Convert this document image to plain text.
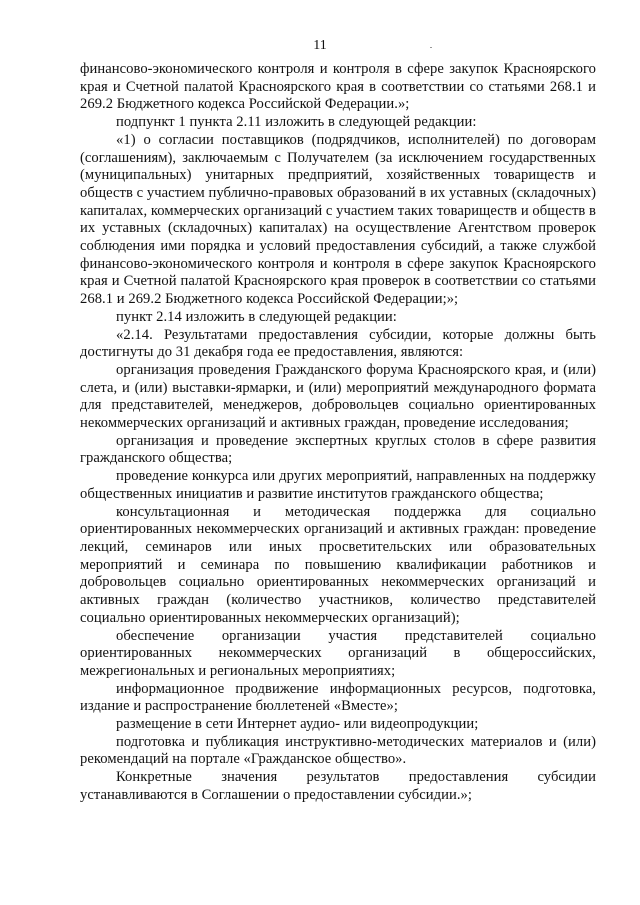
11

финансово-экономического контроля и контроля в сфере закупок Красноярского края и Счетной палатой Красноярского края в соответствии со статьями 268.1 и 269.2 Бюджетного кодекса Российской Федерации.»;

подпункт 1 пункта 2.11 изложить в следующей редакции:

«1) о согласии поставщиков (подрядчиков, исполнителей) по договорам (соглашениям), заключаемым с Получателем (за исключением государственных (муниципальных) унитарных предприятий, хозяйственных товариществ и обществ с участием публично-правовых образований в их уставных (складочных) капиталах, коммерческих организаций с участием таких товариществ и обществ в их уставных (складочных) капиталах) на осуществление Агентством проверок соблюдения ими порядка и условий предоставления субсидий, а также службой финансово-экономического контроля и контроля в сфере закупок Красноярского края и Счетной палатой Красноярского края проверок в соответствии со статьями 268.1 и 269.2 Бюджетного кодекса Российской Федерации;»;

пункт 2.14 изложить в следующей редакции:

«2.14. Результатами предоставления субсидии, которые должны быть достигнуты до 31 декабря года ее предоставления, являются:

организация проведения Гражданского форума Красноярского края, и (или) слета, и (или) выставки-ярмарки, и (или) мероприятий международного формата для представителей, менеджеров, добровольцев социально ориентированных некоммерческих организаций и активных граждан, проведение исследования;

организация и проведение экспертных круглых столов в сфере развития гражданского общества;

проведение конкурса или других мероприятий, направленных на поддержку общественных инициатив и развитие институтов гражданского общества;

консультационная и методическая поддержка для социально ориентированных некоммерческих организаций и активных граждан: проведение лекций, семинаров или иных просветительских или образовательных мероприятий и семинара по повышению квалификации работников и добровольцев социально ориентированных некоммерческих организаций и активных граждан (количество участников, количество представителей социально ориентированных некоммерческих организаций);

обеспечение организации участия представителей социально ориентированных некоммерческих организаций в общероссийских, межрегиональных и региональных мероприятиях;

информационное продвижение информационных ресурсов, подготовка, издание и распространение бюллетеней «Вместе»;

размещение в сети Интернет аудио- или видеопродукции;

подготовка и публикация инструктивно-методических материалов и (или) рекомендаций на портале «Гражданское общество».

Конкретные значения результатов предоставления субсидии устанавливаются в Соглашении о предоставлении субсидии.»;
